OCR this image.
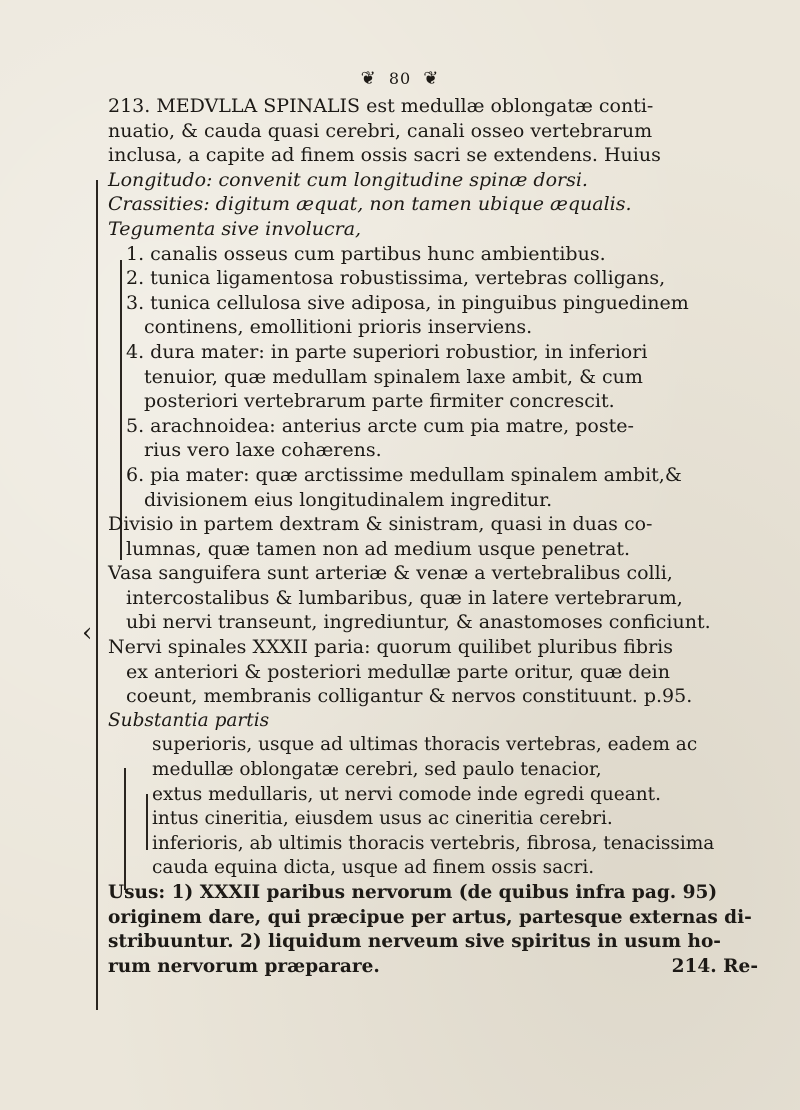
❦ 80 ❦
‹
213. MEDVLLA SPINALIS est medullæ oblongatæ conti-
nuatio, & cauda quasi cerebri, canali osseo vertebrarum
inclusa, a capite ad finem ossis sacri se extendens. Huius
Longitudo: convenit cum longitudine spinæ dorsi.
Crassities: digitum æquat, non tamen ubique æqualis.
Tegumenta sive involucra,
1. canalis osseus cum partibus hunc ambientibus.
2. tunica ligamentosa robustissima, vertebras colligans,
3. tunica cellulosa sive adiposa, in pinguibus pinguedinem
continens, emollitioni prioris inserviens.
4. dura mater: in parte superiori robustior, in inferiori
tenuior, quæ medullam spinalem laxe ambit, & cum
posteriori vertebrarum parte firmiter concrescit.
5. arachnoidea: anterius arcte cum pia matre, poste-
rius vero laxe cohærens.
6. pia mater: quæ arctissime medullam spinalem ambit,&
divisionem eius longitudinalem ingreditur.
Divisio in partem dextram & sinistram, quasi in duas co-
lumnas, quæ tamen non ad medium usque penetrat.
Vasa sanguifera sunt arteriæ & venæ a vertebralibus colli,
intercostalibus & lumbaribus, quæ in latere vertebrarum,
ubi nervi transeunt, ingrediuntur, & anastomoses conficiunt.
Nervi spinales XXXII paria: quorum quilibet pluribus fibris
ex anteriori & posteriori medullæ parte oritur, quæ dein
coeunt, membranis colligantur & nervos constituunt. p.95.
Substantia partis
superioris, usque ad ultimas thoracis vertebras, eadem ac
medullæ oblongatæ cerebri, sed paulo tenacior,
extus medullaris, ut nervi comode inde egredi queant.
intus cineritia, eiusdem usus ac cineritia cerebri.
inferioris, ab ultimis thoracis vertebris, fibrosa, tenacissima
cauda equina dicta, usque ad finem ossis sacri.
Usus: 1) XXXII paribus nervorum (de quibus infra pag. 95)
originem dare, qui præcipue per artus, partesque externas di-
stribuuntur. 2) liquidum nerveum sive spiritus in usum ho-
rum nervorum præparare.	214. Re-
